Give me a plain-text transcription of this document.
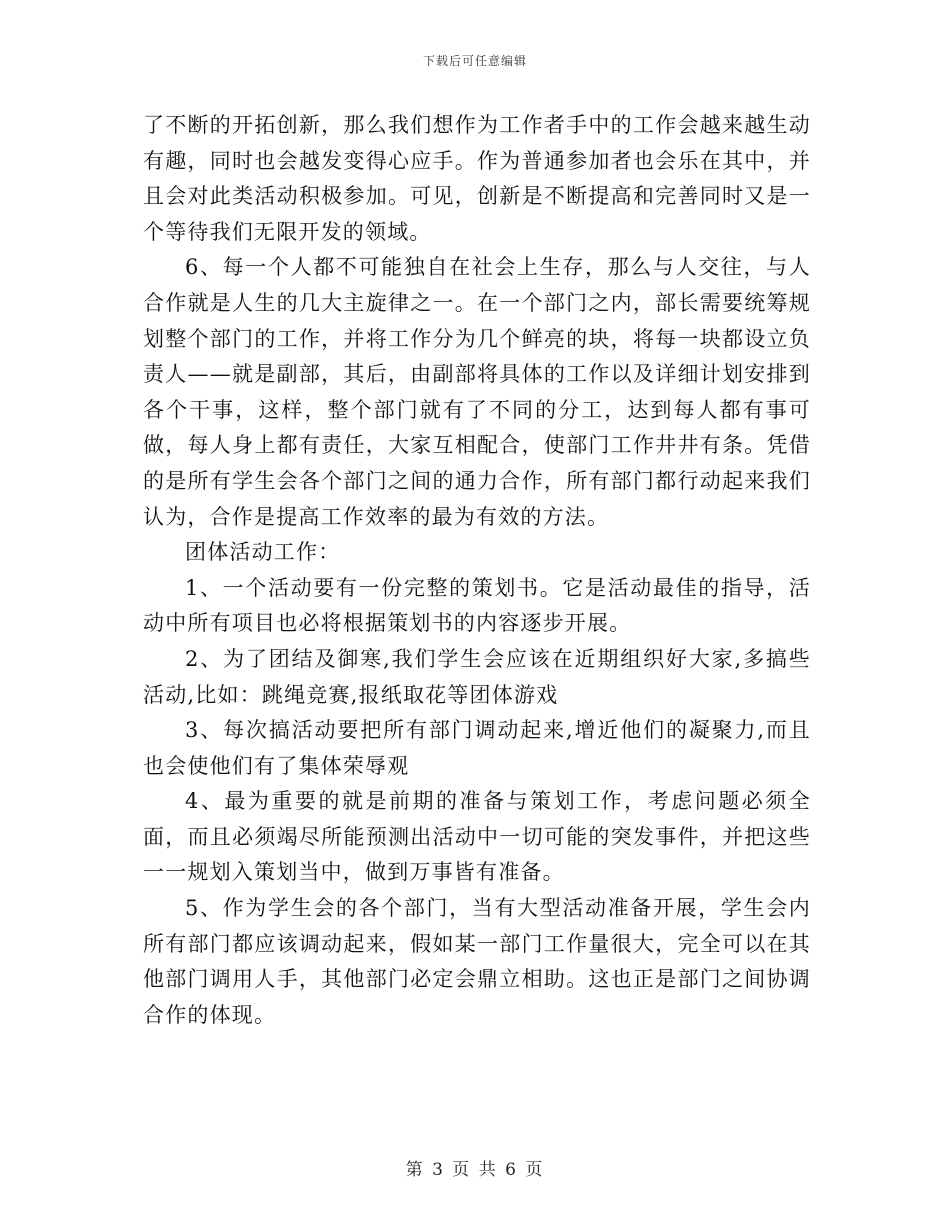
下载后可任意编辑

了不断的开拓创新，那么我们想作为工作者手中的工作会越来越生动有趣，同时也会越发变得心应手。作为普通参加者也会乐在其中，并且会对此类活动积极参加。可见，创新是不断提高和完善同时又是一个等待我们无限开发的领域。

6、每一个人都不可能独自在社会上生存，那么与人交往，与人合作就是人生的几大主旋律之一。在一个部门之内，部长需要统筹规划整个部门的工作，并将工作分为几个鲜亮的块，将每一块都设立负责人——就是副部，其后，由副部将具体的工作以及详细计划安排到各个干事，这样，整个部门就有了不同的分工，达到每人都有事可做，每人身上都有责任，大家互相配合，使部门工作井井有条。凭借的是所有学生会各个部门之间的通力合作，所有部门都行动起来我们认为，合作是提高工作效率的最为有效的方法。

团体活动工作：

1、一个活动要有一份完整的策划书。它是活动最佳的指导，活动中所有项目也必将根据策划书的内容逐步开展。

2、为了团结及御寒,我们学生会应该在近期组织好大家,多搞些活动,比如：跳绳竞赛,报纸取花等团体游戏

3、每次搞活动要把所有部门调动起来,增近他们的凝聚力,而且也会使他们有了集体荣辱观

4、最为重要的就是前期的准备与策划工作，考虑问题必须全面，而且必须竭尽所能预测出活动中一切可能的突发事件，并把这些一一规划入策划当中，做到万事皆有准备。

5、作为学生会的各个部门，当有大型活动准备开展，学生会内所有部门都应该调动起来，假如某一部门工作量很大，完全可以在其他部门调用人手，其他部门必定会鼎立相助。这也正是部门之间协调合作的体现。

第 3 页 共 6 页
